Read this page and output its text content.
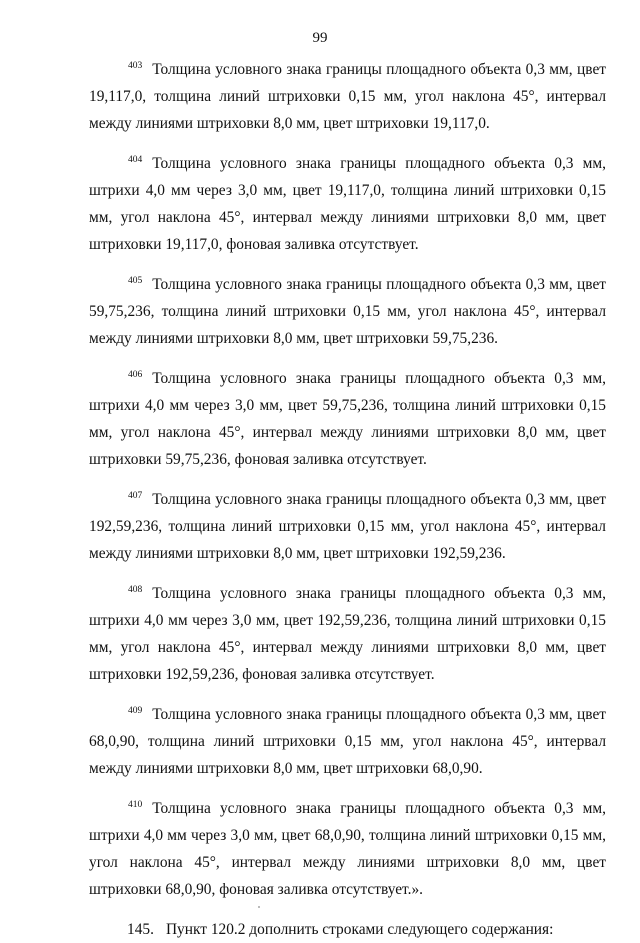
99

$^{403}$ Толщина условного знака границы площадного объекта 0,3 мм, цвет 19,117,0, толщина линий штриховки 0,15 мм, угол наклона 45°, интервал между линиями штриховки 8,0 мм, цвет штриховки 19,117,0.

$^{404}$ Толщина условного знака границы площадного объекта 0,3 мм, штрихи 4,0 мм через 3,0 мм, цвет 19,117,0, толщина линий штриховки 0,15 мм, угол наклона 45°, интервал между линиями штриховки 8,0 мм, цвет штриховки 19,117,0, фоновая заливка отсутствует.

$^{405}$ Толщина условного знака границы площадного объекта 0,3 мм, цвет 59,75,236, толщина линий штриховки 0,15 мм, угол наклона 45°, интервал между линиями штриховки 8,0 мм, цвет штриховки 59,75,236.

$^{406}$ Толщина условного знака границы площадного объекта 0,3 мм, штрихи 4,0 мм через 3,0 мм, цвет 59,75,236, толщина линий штриховки 0,15 мм, угол наклона 45°, интервал между линиями штриховки 8,0 мм, цвет штриховки 59,75,236, фоновая заливка отсутствует.

$^{407}$ Толщина условного знака границы площадного объекта 0,3 мм, цвет 192,59,236, толщина линий штриховки 0,15 мм, угол наклона 45°, интервал между линиями штриховки 8,0 мм, цвет штриховки 192,59,236.

$^{408}$ Толщина условного знака границы площадного объекта 0,3 мм, штрихи 4,0 мм через 3,0 мм, цвет 192,59,236, толщина линий штриховки 0,15 мм, угол наклона 45°, интервал между линиями штриховки 8,0 мм, цвет штриховки 192,59,236, фоновая заливка отсутствует.

$^{409}$ Толщина условного знака границы площадного объекта 0,3 мм, цвет 68,0,90, толщина линий штриховки 0,15 мм, угол наклона 45°, интервал между линиями штриховки 8,0 мм, цвет штриховки 68,0,90.

$^{410}$ Толщина условного знака границы площадного объекта 0,3 мм, штрихи 4,0 мм через 3,0 мм, цвет 68,0,90, толщина линий штриховки 0,15 мм, угол наклона 45°, интервал между линиями штриховки 8,0 мм, цвет штриховки 68,0,90, фоновая заливка отсутствует.».

145. Пункт 120.2 дополнить строками следующего содержания:
